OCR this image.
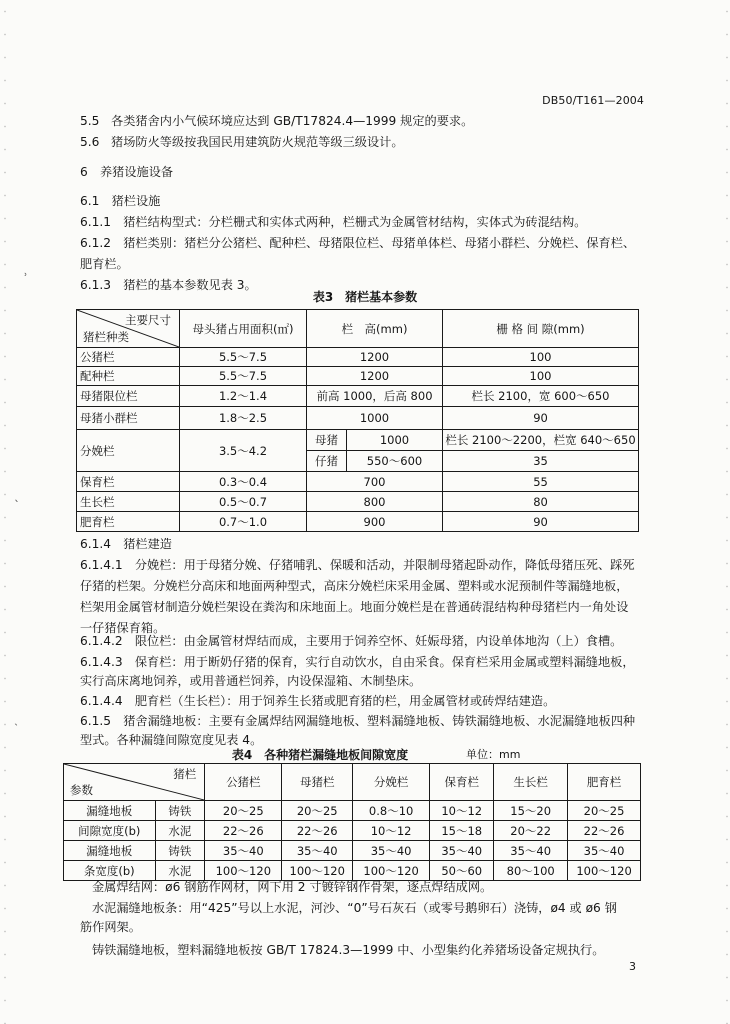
˒
ˎ
˴
DB50/T161—2004
5.5 各类猪舍内小气候环境应达到 GB/T17824.4—1999 规定的要求。
5.6 猪场防火等级按我国民用建筑防火规范等级三级设计。
6　养猪设施设备
6.1　猪栏设施
6.1.1　猪栏结构型式：分栏栅式和实体式两种，栏栅式为金属管材结构，实体式为砖混结构。
6.1.2　猪栏类别：猪栏分公猪栏、配种栏、母猪限位栏、母猪单体栏、母猪小群栏、分娩栏、保育栏、
肥育栏。
6.1.3　猪栏的基本参数见表 3。
表3　猪栏基本参数
主要尺寸
猪栏种类	母头猪占用面积(㎡)	栏　高(mm)		栅 格 间 隙(mm)
公猪栏	5.5～7.5	1200		100
配种栏	5.5～7.5	1200		100
母猪限位栏	1.2～1.4	前高 1000，后高 800		栏长 2100，宽 600～650
母猪小群栏	1.8～2.5	1000		90
分娩栏	3.5～4.2	母猪	1000	栏长 2100～2200，栏宽 640～650
		仔猪	550～600	35
保育栏	0.3～0.4	700		55
生长栏	0.5～0.7	800		80
肥育栏	0.7～1.0	900		90
6.1.4　猪栏建造
6.1.4.1　分娩栏：用于母猪分娩、仔猪哺乳、保暖和活动，并限制母猪起卧动作，降低母猪压死、踩死
仔猪的栏架。分娩栏分高床和地面两种型式，高床分娩栏床采用金属、塑料或水泥预制件等漏缝地板，
栏架用金属管材制造分娩栏架设在粪沟和床地面上。地面分娩栏是在普通砖混结构种母猪栏内一角处设
一仔猪保育箱。
6.1.4.2　限位栏：由金属管材焊结而成，主要用于饲养空怀、妊娠母猪，内设单体地沟（上）食槽。
6.1.4.3　保育栏：用于断奶仔猪的保育，实行自动饮水，自由采食。保育栏采用金属或塑料漏缝地板，
实行高床离地饲养，或用普通栏饲养，内设保湿箱、木制垫床。
6.1.4.4　肥育栏（生长栏）：用于饲养生长猪或肥育猪的栏，用金属管材或砖焊结建造。
6.1.5　猪舍漏缝地板：主要有金属焊结网漏缝地板、塑料漏缝地板、铸铁漏缝地板、水泥漏缝地板四种
型式。各种漏缝间隙宽度见表 4。
表4　各种猪栏漏缝地板间隙宽度	单位：mm
猪栏
参数		公猪栏	母猪栏	分娩栏	保育栏	生长栏	肥育栏
漏缝地板	铸铁	20～25	20～25	0.8～10	10～12	15～20	20～25
间隙宽度(b)	水泥	22～26	22～26	10～12	15～18	20～22	22～26
漏缝地板	铸铁	35～40	35～40	35～40	35～40	35～40	35～40
条宽度(b)	水泥	100～120	100～120	100～120	50～60	80～100	100～120
金属焊结网：ø6 钢筋作网材，网下用 2 寸镀锌钢作骨架，逐点焊结成网。
水泥漏缝地板条：用“425”号以上水泥，河沙、“0”号石灰石（或零号鹅卵石）浇铸，ø4 或 ø6 钢
筋作网架。
铸铁漏缝地板，塑料漏缝地板按 GB/T 17824.3—1999 中、小型集约化养猪场设备定规执行。
3
